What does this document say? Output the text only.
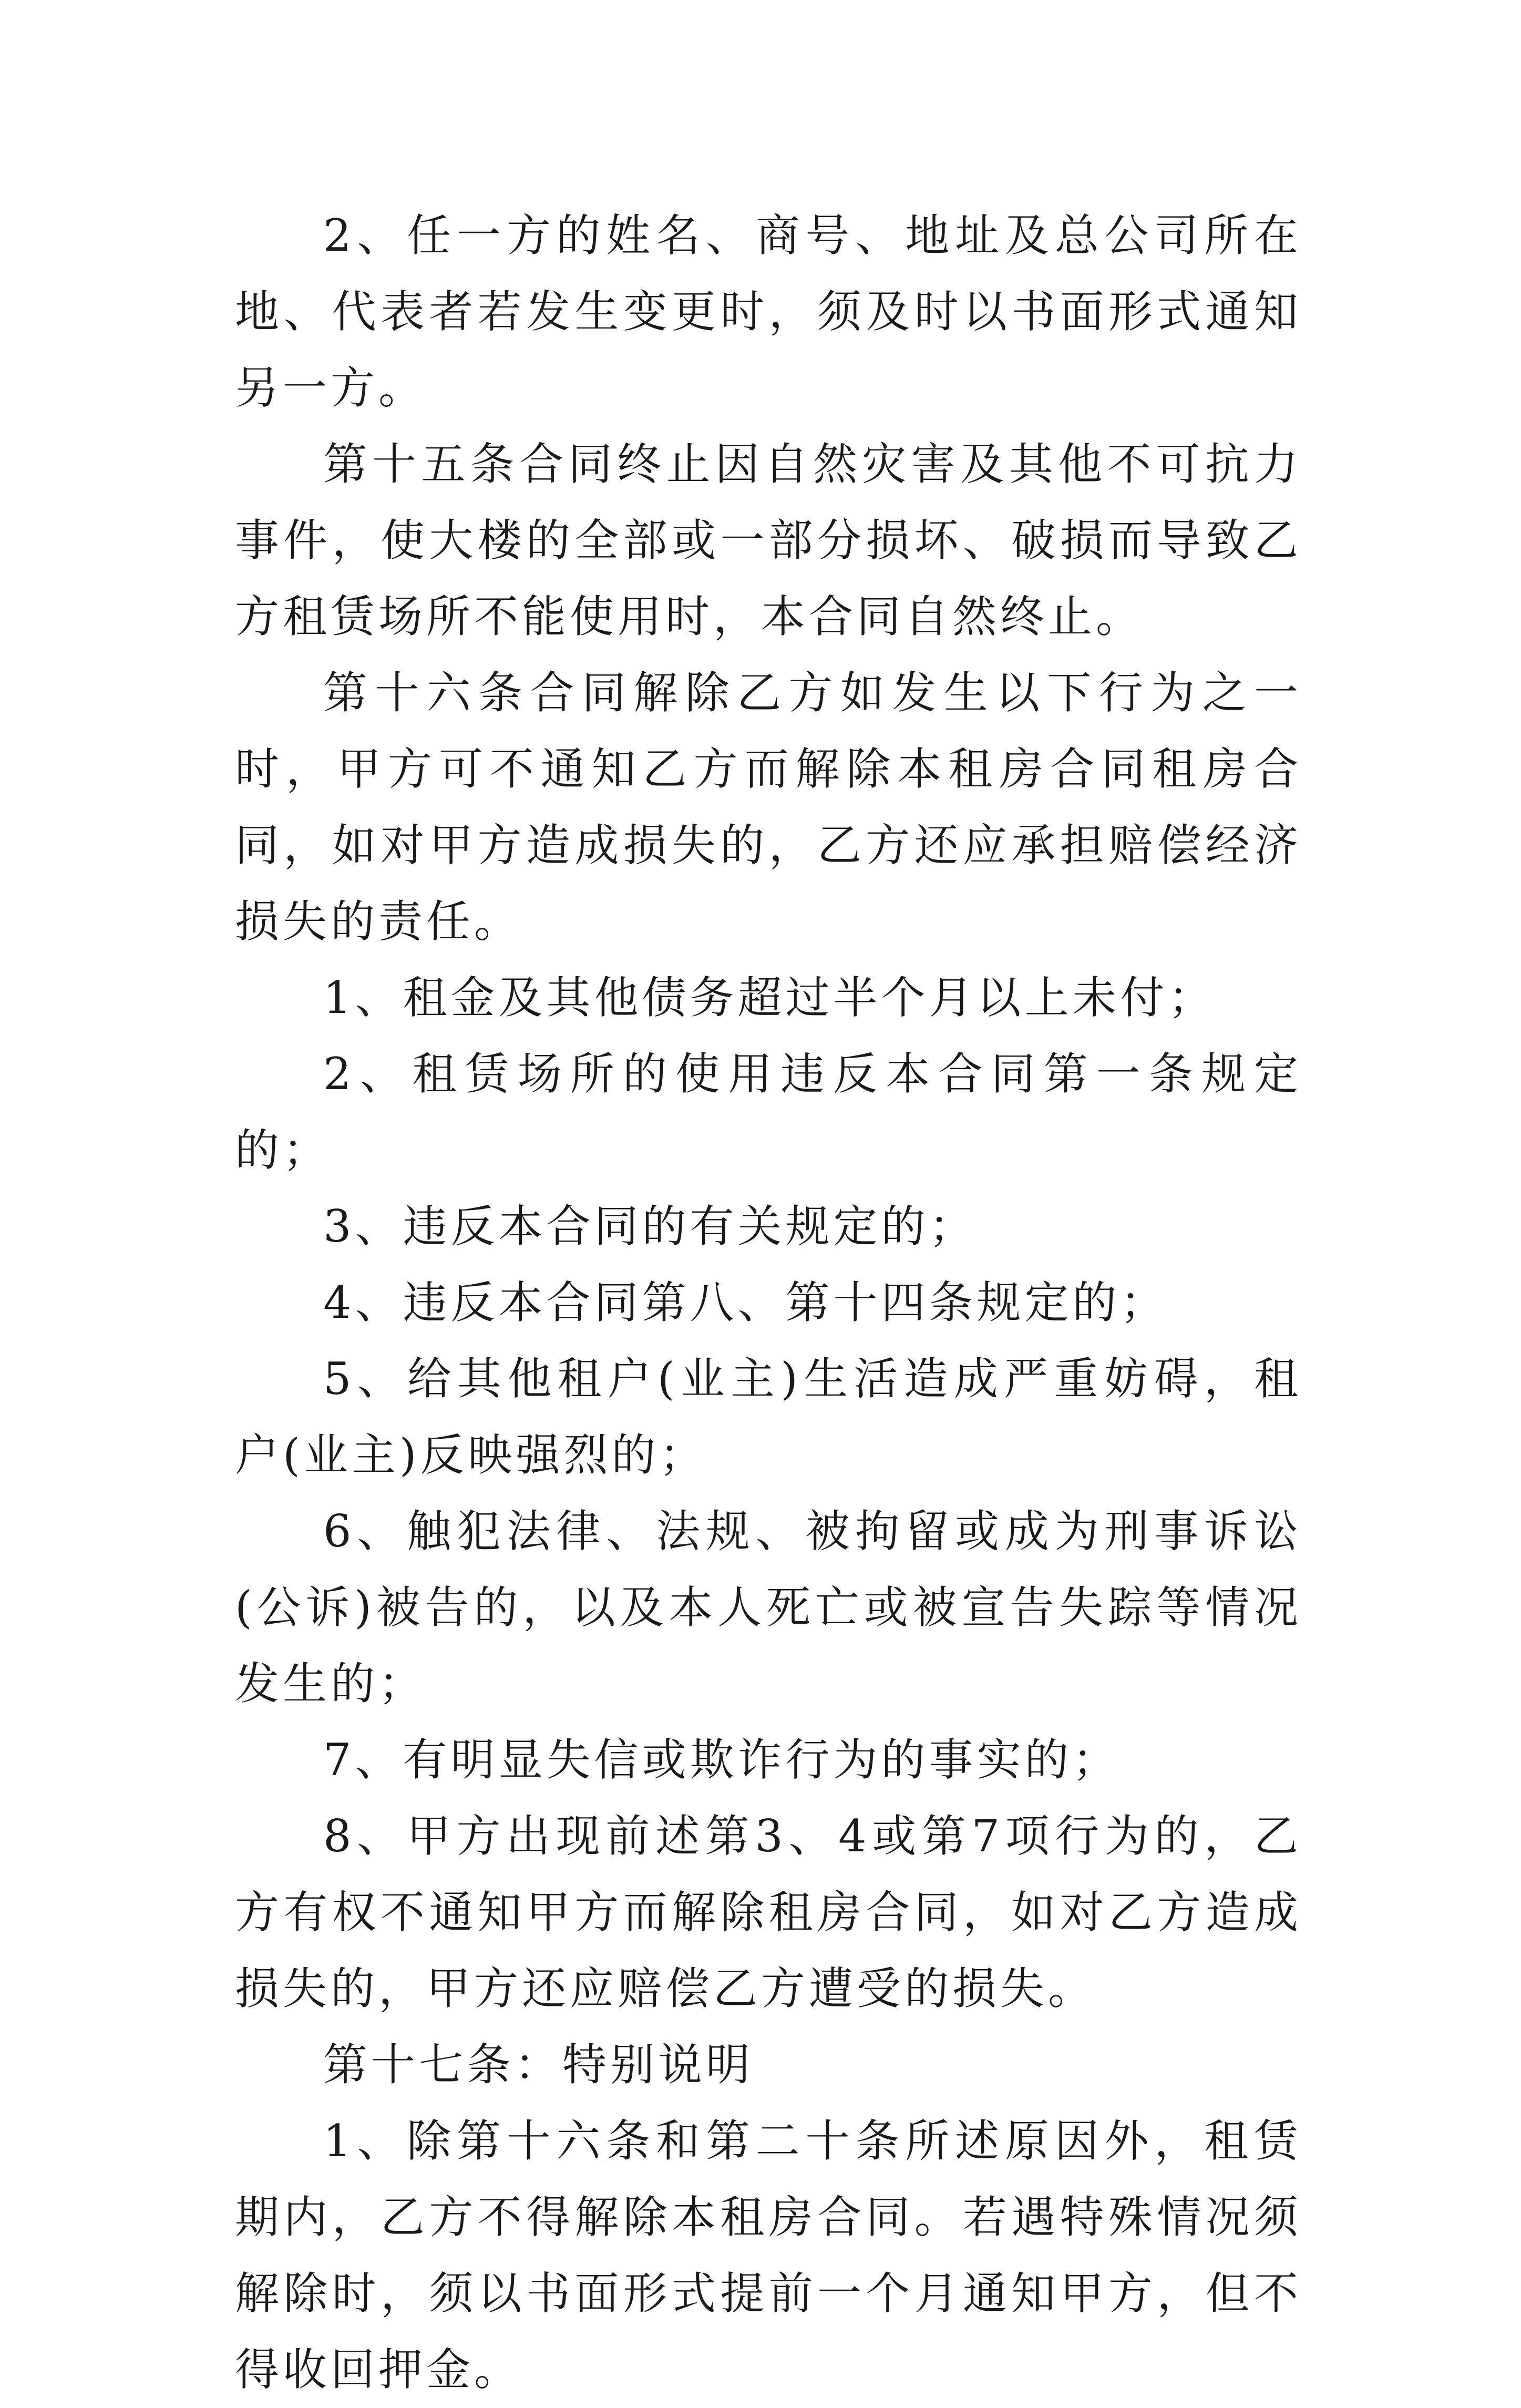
2、任一方的姓名、商号、地址及总公司所在地、代表者若发生变更时，须及时以书面形式通知另一方。

第十五条合同终止因自然灾害及其他不可抗力事件，使大楼的全部或一部分损坏、破损而导致乙方租赁场所不能使用时，本合同自然终止。

第十六条合同解除乙方如发生以下行为之一时，甲方可不通知乙方而解除本租房合同租房合同，如对甲方造成损失的，乙方还应承担赔偿经济损失的责任。

1、租金及其他债务超过半个月以上未付；

2、租赁场所的使用违反本合同第一条规定的；

3、违反本合同的有关规定的；

4、违反本合同第八、第十四条规定的；

5、给其他租户(业主)生活造成严重妨碍，租户(业主)反映强烈的；

6、触犯法律、法规、被拘留或成为刑事诉讼(公诉)被告的，以及本人死亡或被宣告失踪等情况发生的；

7、有明显失信或欺诈行为的事实的；

8、甲方出现前述第3、4或第7项行为的，乙方有权不通知甲方而解除租房合同，如对乙方造成损失的，甲方还应赔偿乙方遭受的损失。

第十七条：特别说明

1、除第十六条和第二十条所述原因外，租赁期内，乙方不得解除本租房合同。若遇特殊情况须解除时，须以书面形式提前一个月通知甲方，但不得收回押金。
